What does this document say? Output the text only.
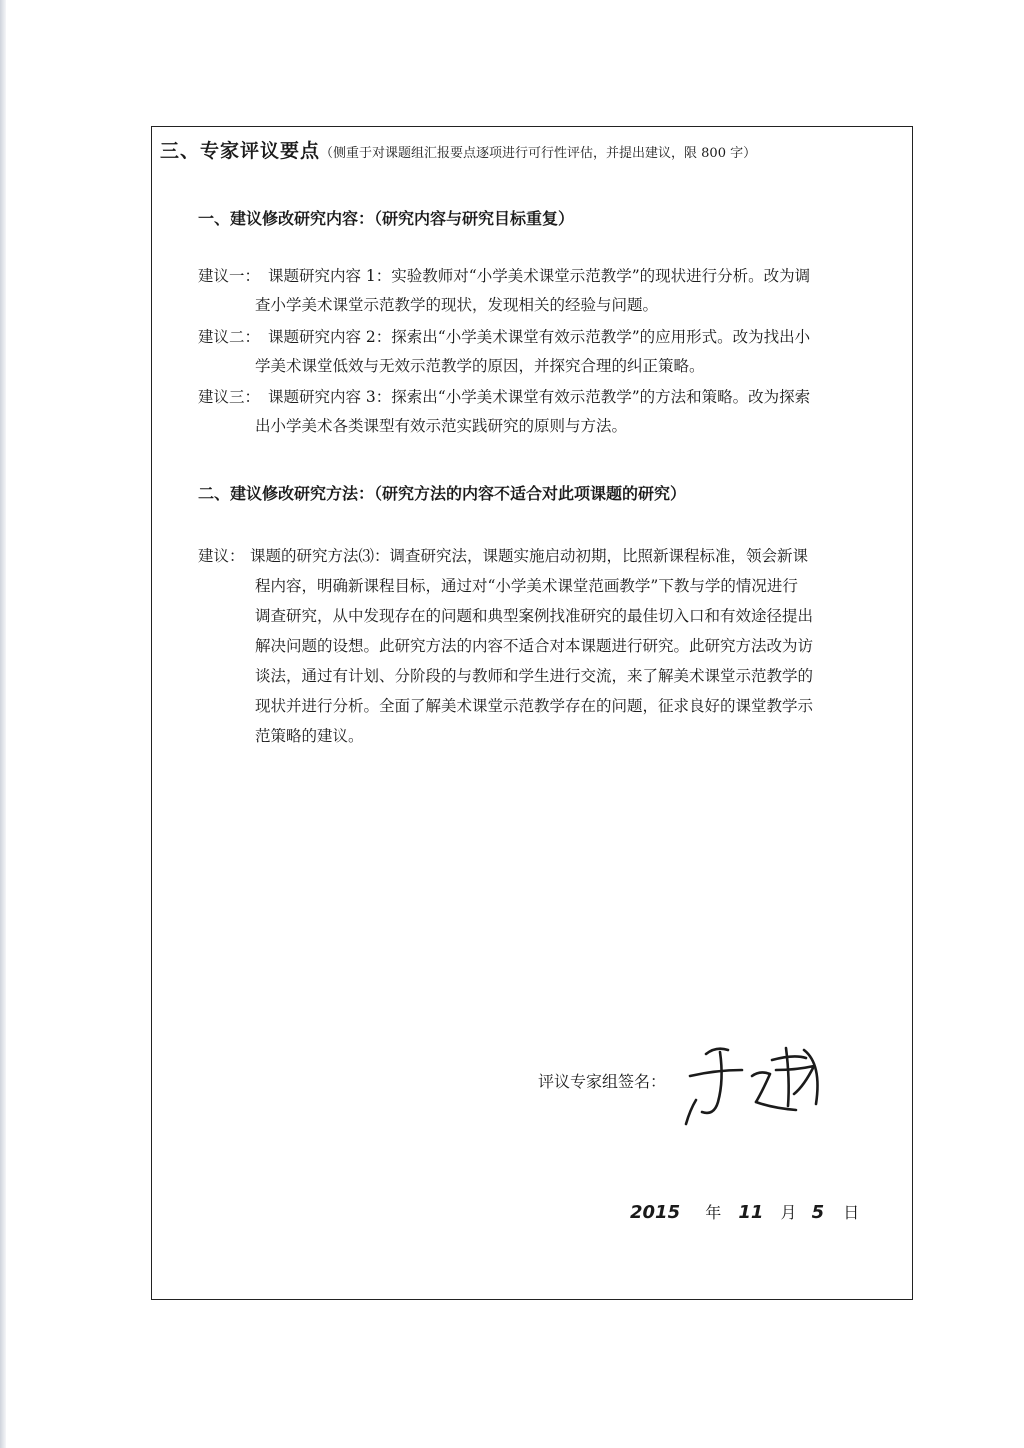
三、专家评议要点（侧重于对课题组汇报要点逐项进行可行性评估，并提出建议，限 800 字）
一、建议修改研究内容：（研究内容与研究目标重复）
建议一： 课题研究内容 1：实验教师对“小学美术课堂示范教学”的现状进行分析。改为调
查小学美术课堂示范教学的现状，发现相关的经验与问题。
建议二： 课题研究内容 2：探索出“小学美术课堂有效示范教学”的应用形式。改为找出小
学美术课堂低效与无效示范教学的原因，并探究合理的纠正策略。
建议三： 课题研究内容 3：探索出“小学美术课堂有效示范教学”的方法和策略。改为探索
出小学美术各类课型有效示范实践研究的原则与方法。
二、建议修改研究方法：（研究方法的内容不适合对此项课题的研究）
建议： 课题的研究方法⑶：调查研究法，课题实施启动初期，比照新课程标准，领会新课
程内容，明确新课程目标，通过对“小学美术课堂范画教学”下教与学的情况进行
调查研究，从中发现存在的问题和典型案例找准研究的最佳切入口和有效途径提出
解决问题的设想。此研究方法的内容不适合对本课题进行研究。此研究方法改为访
谈法，通过有计划、分阶段的与教师和学生进行交流，来了解美术课堂示范教学的
现状并进行分析。全面了解美术课堂示范教学存在的问题，征求良好的课堂教学示
范策略的建议。
评议专家组签名：
2015 年 11 月 5 日
